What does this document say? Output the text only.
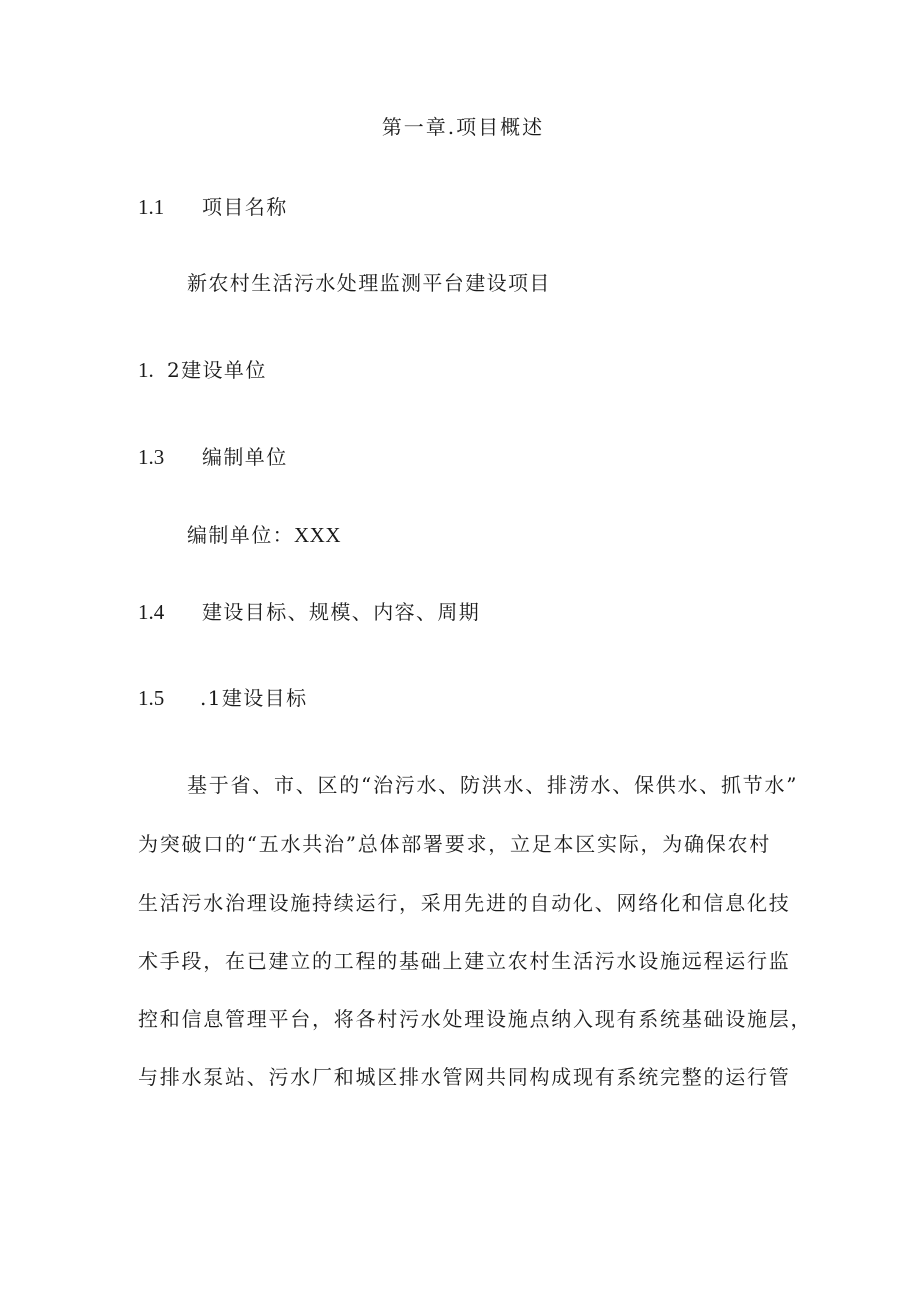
第一章.项目概述
1.1 项目名称
新农村生活污水处理监测平台建设项目
1. 2建设单位
1.3 编制单位
编制单位：XXX
1.4 建设目标、规模、内容、周期
1.5 .1建设目标
基于省、市、区的“治污水、防洪水、排涝水、保供水、抓节水”
为突破口的“五水共治”总体部署要求，立足本区实际，为确保农村
生活污水治理设施持续运行，采用先进的自动化、网络化和信息化技
术手段，在已建立的工程的基础上建立农村生活污水设施远程运行监
控和信息管理平台，将各村污水处理设施点纳入现有系统基础设施层，
与排水泵站、污水厂和城区排水管网共同构成现有系统完整的运行管
